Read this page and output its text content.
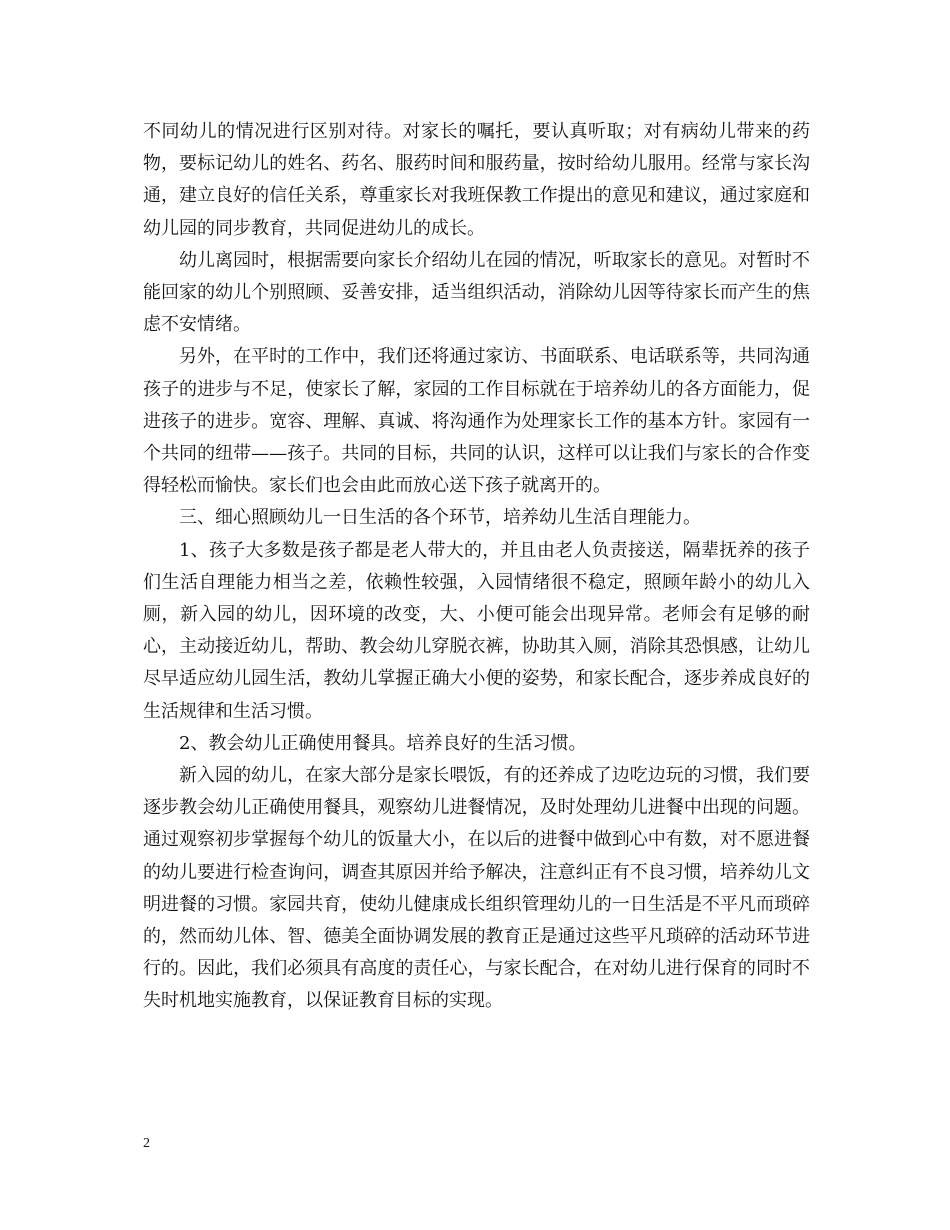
不同幼儿的情况进行区别对待。对家长的嘱托，要认真听取；对有病幼儿带来的药物，要标记幼儿的姓名、药名、服药时间和服药量，按时给幼儿服用。经常与家长沟通，建立良好的信任关系，尊重家长对我班保教工作提出的意见和建议，通过家庭和幼儿园的同步教育，共同促进幼儿的成长。

幼儿离园时，根据需要向家长介绍幼儿在园的情况，听取家长的意见。对暂时不能回家的幼儿个别照顾、妥善安排，适当组织活动，消除幼儿因等待家长而产生的焦虑不安情绪。

另外，在平时的工作中，我们还将通过家访、书面联系、电话联系等，共同沟通孩子的进步与不足，使家长了解，家园的工作目标就在于培养幼儿的各方面能力，促进孩子的进步。宽容、理解、真诚、将沟通作为处理家长工作的基本方针。家园有一个共同的纽带——孩子。共同的目标，共同的认识，这样可以让我们与家长的合作变得轻松而愉快。家长们也会由此而放心送下孩子就离开的。

三、细心照顾幼儿一日生活的各个环节，培养幼儿生活自理能力。

1、孩子大多数是孩子都是老人带大的，并且由老人负责接送，隔辈抚养的孩子们生活自理能力相当之差，依赖性较强，入园情绪很不稳定，照顾年龄小的幼儿入厕，新入园的幼儿，因环境的改变，大、小便可能会出现异常。老师会有足够的耐心，主动接近幼儿，帮助、教会幼儿穿脱衣裤，协助其入厕，消除其恐惧感，让幼儿尽早适应幼儿园生活，教幼儿掌握正确大小便的姿势，和家长配合，逐步养成良好的生活规律和生活习惯。

2、教会幼儿正确使用餐具。培养良好的生活习惯。

新入园的幼儿，在家大部分是家长喂饭，有的还养成了边吃边玩的习惯，我们要逐步教会幼儿正确使用餐具，观察幼儿进餐情况，及时处理幼儿进餐中出现的问题。通过观察初步掌握每个幼儿的饭量大小，在以后的进餐中做到心中有数，对不愿进餐的幼儿要进行检查询问，调查其原因并给予解决，注意纠正有不良习惯，培养幼儿文明进餐的习惯。家园共育，使幼儿健康成长组织管理幼儿的一日生活是不平凡而琐碎的，然而幼儿体、智、德美全面协调发展的教育正是通过这些平凡琐碎的活动环节进行的。因此，我们必须具有高度的责任心，与家长配合，在对幼儿进行保育的同时不失时机地实施教育，以保证教育目标的实现。

2
